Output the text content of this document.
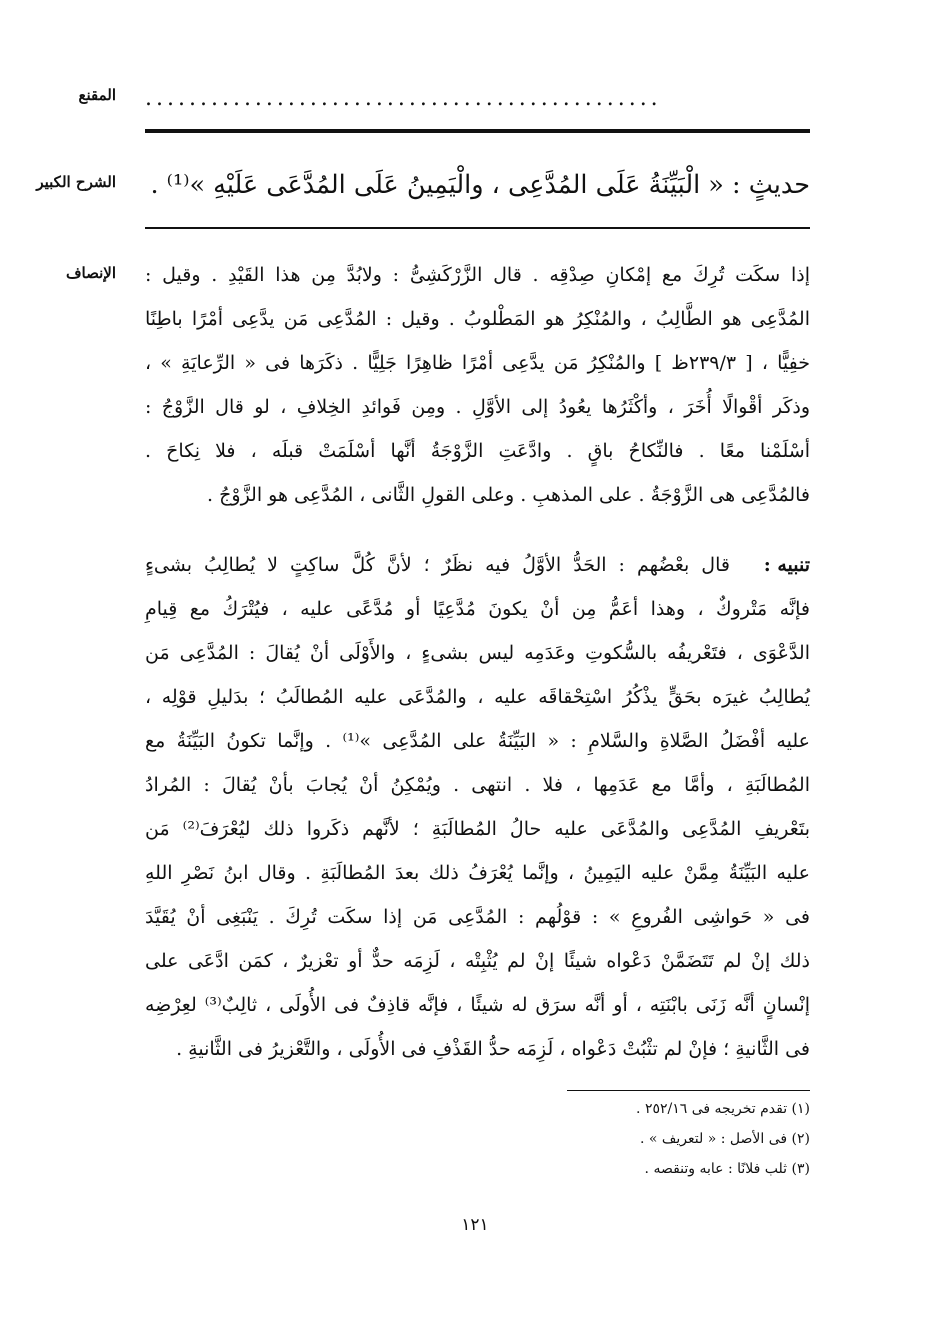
المقنع ...............................................
الشرح الكبير حديثٍ : « الْبَيِّنَةُ عَلَى المُدَّعِى ، والْيَمِينُ عَلَى المُدَّعَى عَلَيْهِ »⁽¹⁾ .
الإنصاف إذا سكَت تُرِكَ مع إمْكانِ صِدْقِه . قال الزَّرْكَشِىُّ : ولابُدَّ مِن هذا القَيْدِ . وقيل :
المُدَّعِى هو الطَّالِبُ ، والمُنْكِرُ هو المَطْلوبُ . وقيل : المُدَّعِى مَن يدَّعِى أمْرًا باطِنًا
خفِيًّا ، [ ٢٣٩/٣ظ ] والمُنْكِرُ مَن يدَّعِى أمْرًا ظاهِرًا جَلِيًّا . ذكَرَها فى « الرِّعايَةِ » ،
وذكَر أقْوالًا أُخَرَ ، وأكْثَرُها يعُودُ إلى الأوَّلِ . ومِن فَوائدِ الخِلافِ ، لو قال الزَّوْجُ :
أسْلَمْنا معًا . فالنِّكاحُ باقٍ . وادَّعَتِ الزَّوْجَةُ أنَّها أسْلَمَتْ قبلَه ، فلا نِكاحَ .
فالمُدَّعِى هى الزَّوْجَةُ . على المذهبِ . وعلى القولِ الثَّانى ، المُدَّعِى هو الزَّوْجُ .
تنبيه :
قال بعْضُهم : الحَدُّ الأوَّلُ فيه نظَرٌ ؛ لأنَّ كُلَّ ساكِتٍ لا يُطالِبُ بشىءٍ
فإنَّه مَتْروكٌ ، وهذا أعَمُّ مِن أنْ يكونَ مُدَّعِيًا أو مُدَّعًى عليه ، فيُتْرَكُ مع قِيامِ
الدَّعْوَى ، فتَعْريفُه بالسُّكوتِ وعَدَمِه ليس بشىءٍ ، والأَوْلَى أنْ يُقالَ : المُدَّعِى مَن
يُطالِبُ غيرَه بحَقٍّ يذْكُرُ اسْتِحْقاقَه عليه ، والمُدَّعَى عليه المُطالَبُ ؛ بدَليلِ قوْلِه ،
عليه أفْضَلُ الصَّلاةِ والسَّلامِ : « البَيِّنَةُ على المُدَّعِى »⁽¹⁾ . وإنَّما تكونُ البَيِّنَةُ مع
المُطالَبَةِ ، وأمَّا مع عَدَمِها ، فلا . انتهى . ويُمْكِنُ أنْ يُجابَ بأنْ يُقالَ : المُرادُ
بتَعْريفِ المُدَّعِى والمُدَّعَى عليه حالُ المُطالَبَةِ ؛ لأنَّهم ذكَروا ذلك ليُعْرَفَ⁽²⁾ مَن
عليه البَيِّنَةُ مِمَّنْ عليه اليَمِينُ ، وإنَّما يُعْرَفُ ذلك بعدَ المُطالَبَةِ . وقال ابنُ نَصْرِ اللهِ
فى « حَواشِى الفُروعِ » : قوْلُهم : المُدَّعِى مَن إذا سكَت تُرِكَ . يَنْبَغِى أنْ يُقَيَّدَ
ذلك إنْ لم تَتَضَمَّنْ دَعْواه شيئًا إنْ لم يُثْبِتْه ، لَزِمَه حدٌّ أو تعْزيرٌ ، كمَن ادَّعَى على
إنْسانٍ أنَّه زَنَى بابْنَتِه ، أو أنَّه سرَق له شيئًا ، فإنَّه قاذِفٌ فى الأُولَى ، ثالِبٌ⁽³⁾ لعِرْضِه
فى الثَّانيةِ ؛ فإنْ لم تثْبُتْ دَعْواه ، لَزِمَه حدُّ القَذْفِ فى الأُولَى ، والتَّعْزيرُ فى الثَّانيةِ .
(١) تقدم تخريجه فى ٢٥٢/١٦ .
(٢) فى الأصل : « لتعريف » .
(٣) ثلب فلانًا : عابه وتنقصه .
١٢١
